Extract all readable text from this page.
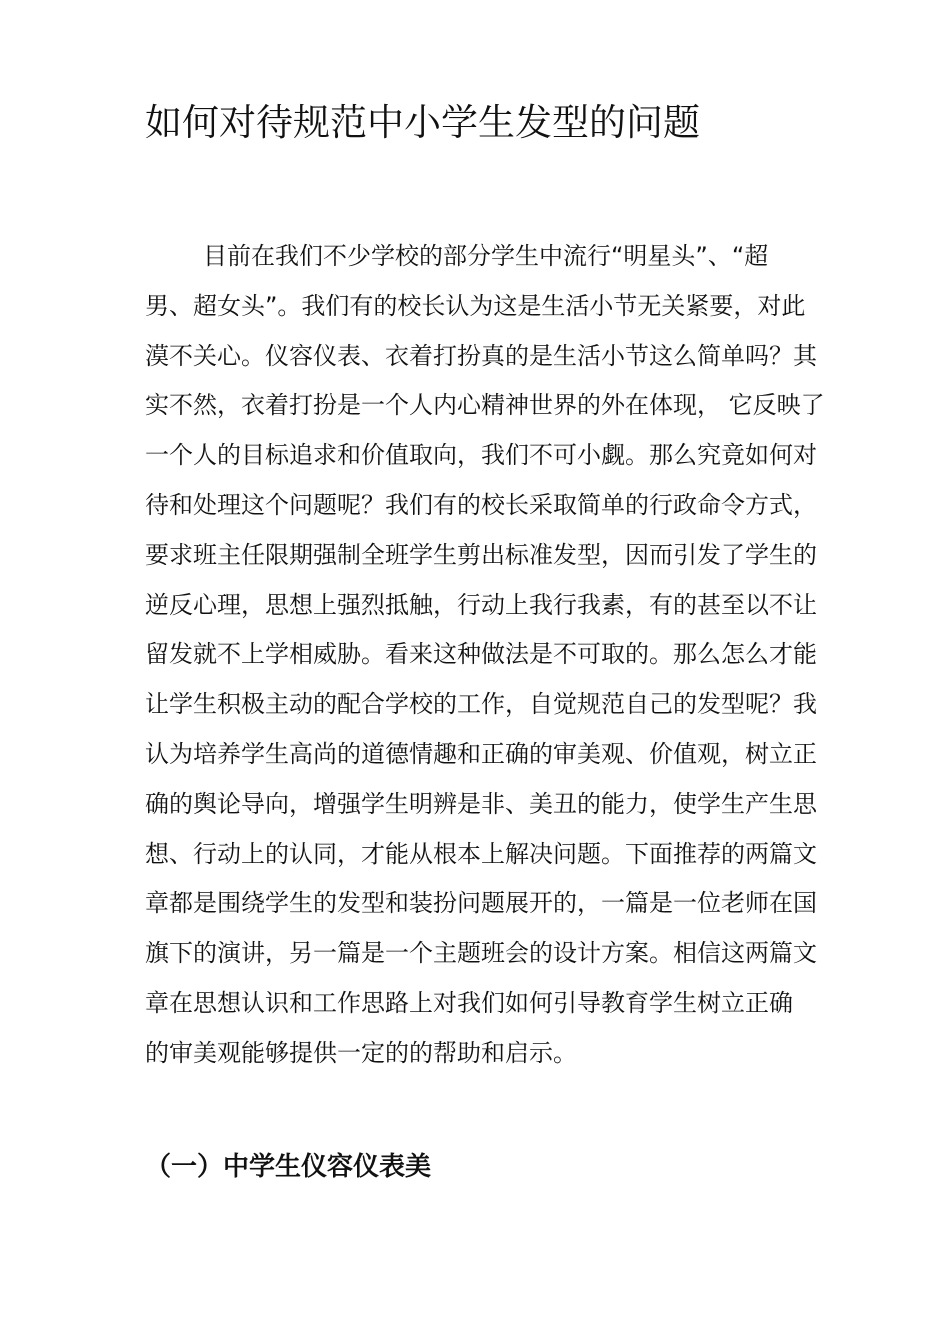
如何对待规范中小学生发型的问题
目前在我们不少学校的部分学生中流行“明星头”、“超
男、超女头”。我们有的校长认为这是生活小节无关紧要，对此
漠不关心。仪容仪表、衣着打扮真的是生活小节这么简单吗？其
实不然，衣着打扮是一个人内心精神世界的外在体现， 它反映了
一个人的目标追求和价值取向，我们不可小觑。那么究竟如何对
待和处理这个问题呢？我们有的校长采取简单的行政命令方式，
要求班主任限期强制全班学生剪出标准发型，因而引发了学生的
逆反心理，思想上强烈抵触，行动上我行我素，有的甚至以不让
留发就不上学相威胁。看来这种做法是不可取的。那么怎么才能
让学生积极主动的配合学校的工作，自觉规范自己的发型呢？我
认为培养学生高尚的道德情趣和正确的审美观、价值观，树立正
确的舆论导向，增强学生明辨是非、美丑的能力，使学生产生思
想、行动上的认同，才能从根本上解决问题。下面推荐的两篇文
章都是围绕学生的发型和装扮问题展开的，一篇是一位老师在国
旗下的演讲，另一篇是一个主题班会的设计方案。相信这两篇文
章在思想认识和工作思路上对我们如何引导教育学生树立正确
的审美观能够提供一定的的帮助和启示。
（一）中学生仪容仪表美
